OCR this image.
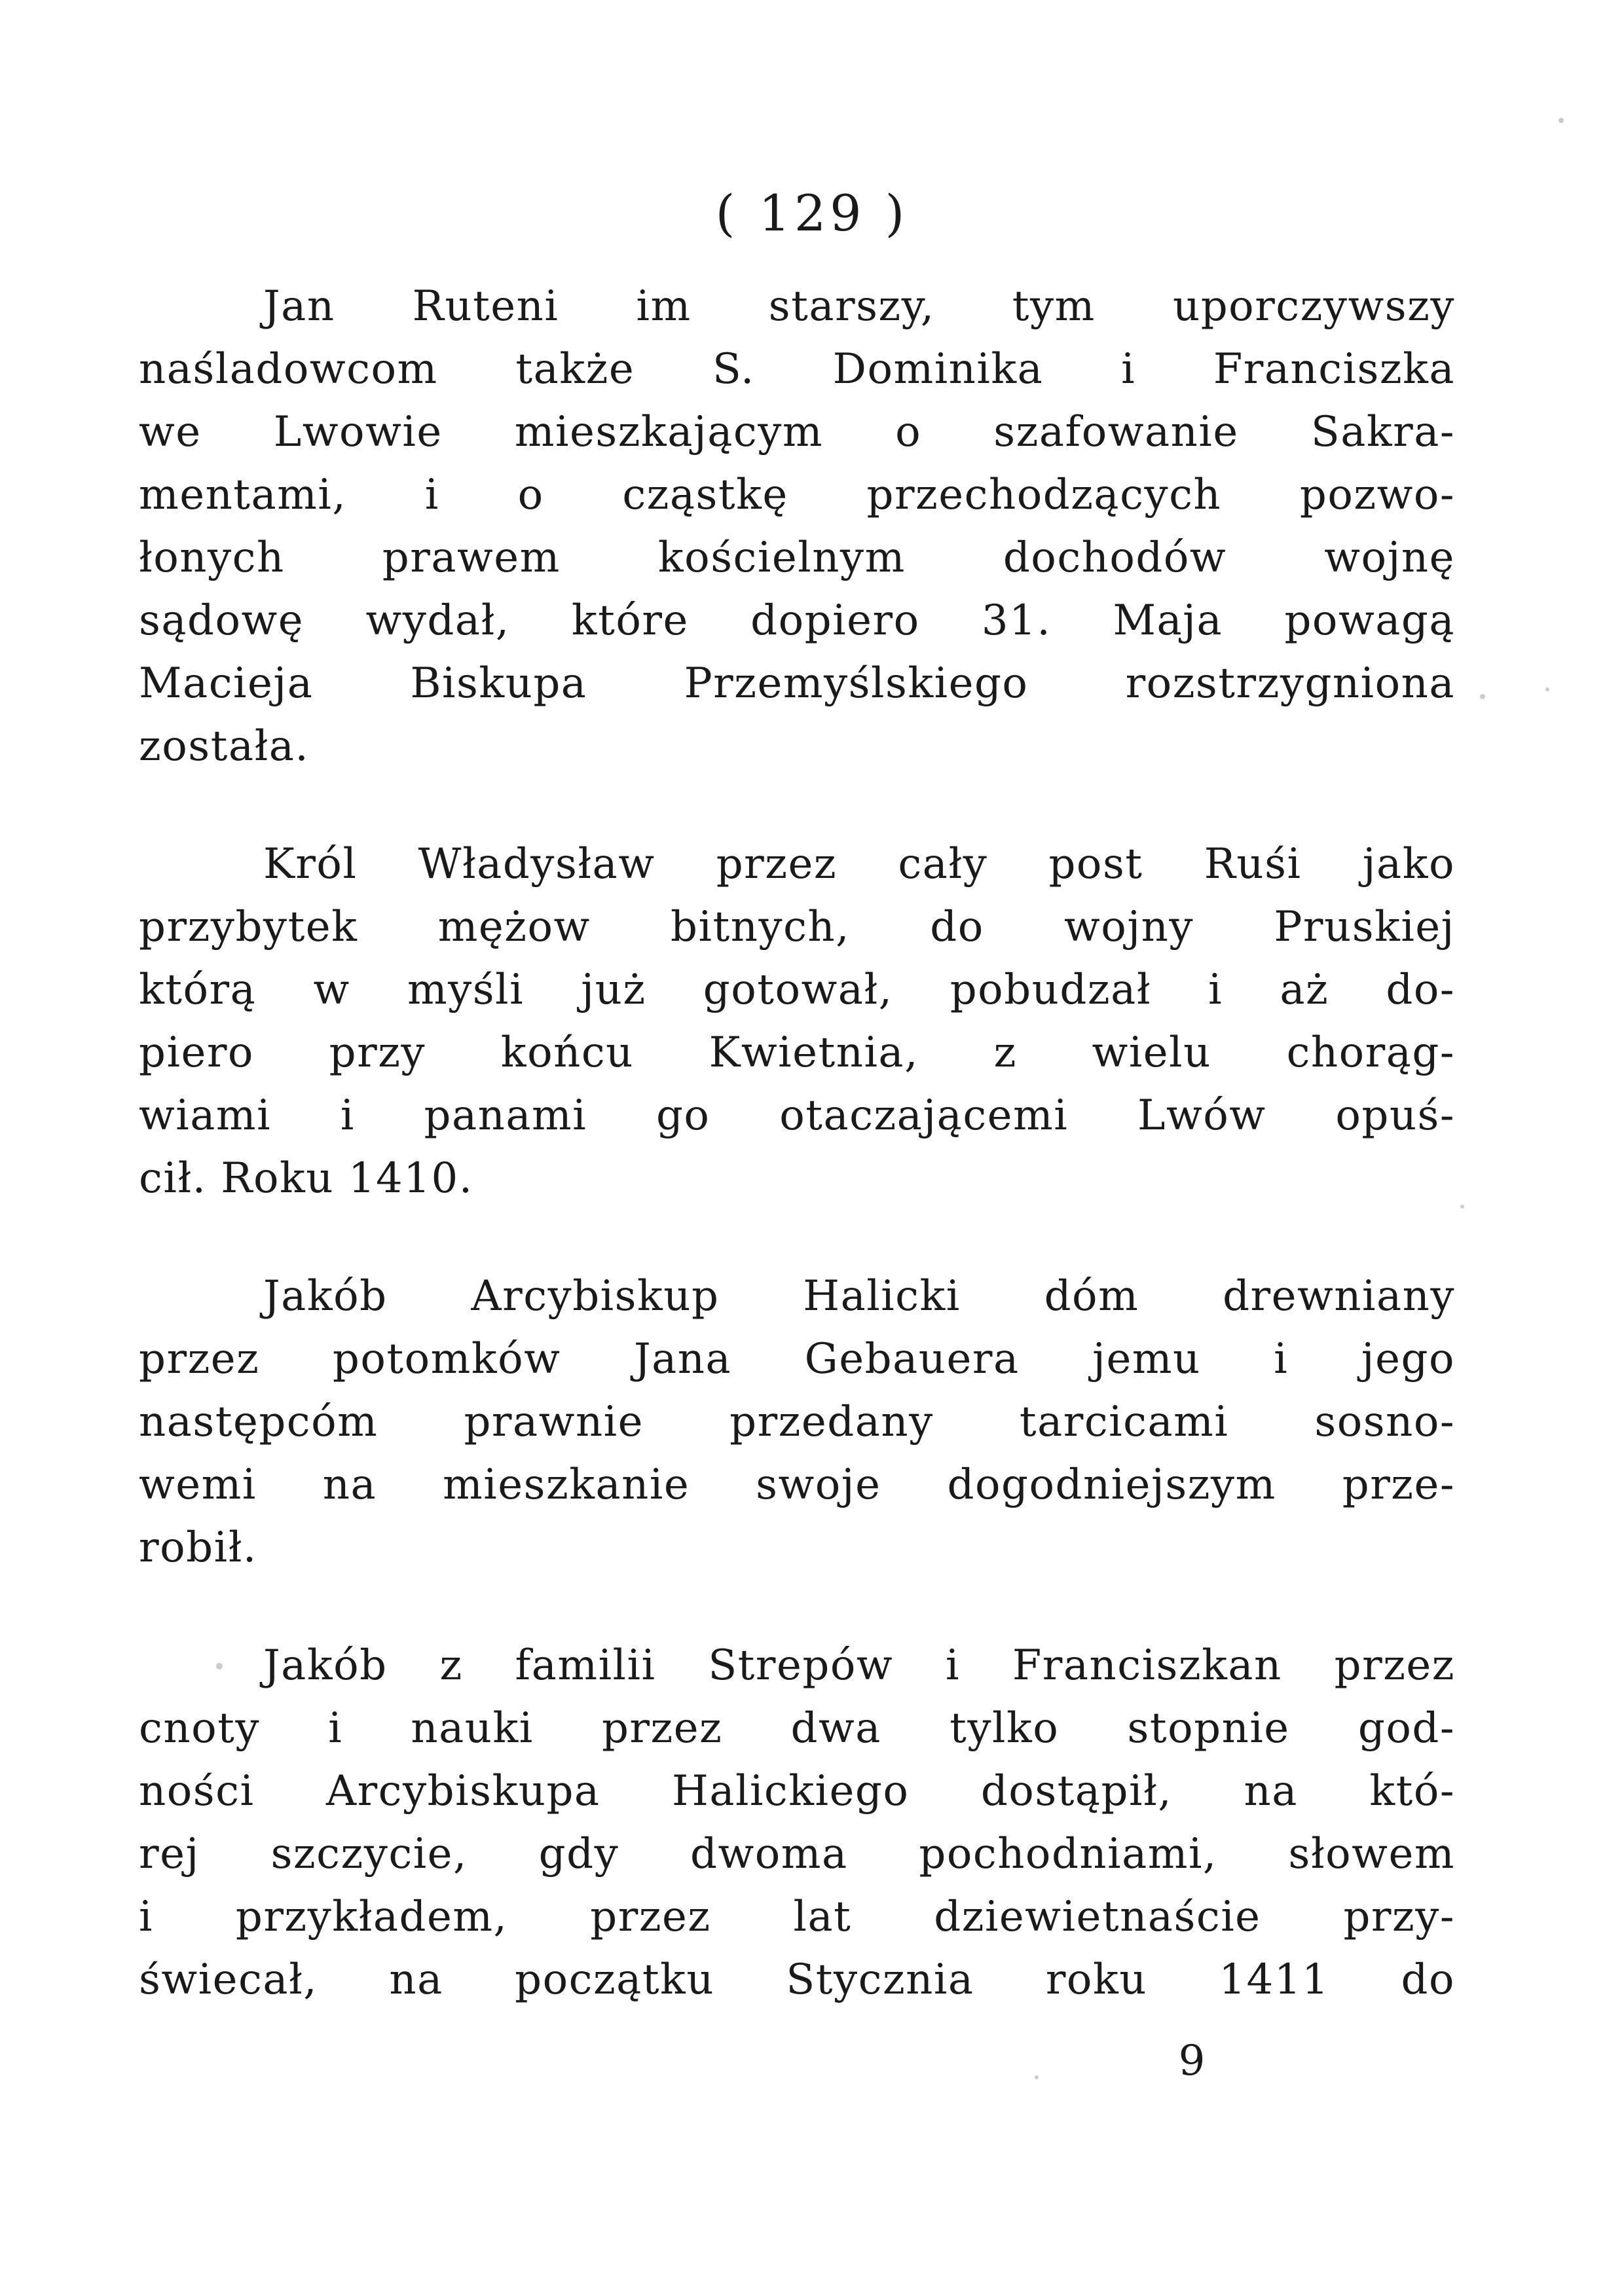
( 129 )
Jan Ruteni im starszy, tym uporczywszy
naśladowcom także S. Dominika i Franciszka
we Lwowie mieszkającym o szafowanie Sakra-
mentami, i o cząstkę przechodzących pozwo-
łonych prawem kościelnym dochodów wojnę
sądowę wydał, które dopiero 31. Maja powagą
Macieja Biskupa Przemyślskiego rozstrzygniona
została.
Król Władysław przez cały post Ruśi jako
przybytek mężow bitnych, do wojny Pruskiej
którą w myśli już gotował, pobudzał i aż do-
piero przy końcu Kwietnia, z wielu chorąg-
wiami i panami go otaczającemi Lwów opuś-
cił. Roku 1410.
Jakób Arcybiskup Halicki dóm drewniany
przez potomków Jana Gebauera jemu i jego
następcóm prawnie przedany tarcicami sosno-
wemi na mieszkanie swoje dogodniejszym prze-
robił.
Jakób z familii Strepów i Franciszkan przez
cnoty i nauki przez dwa tylko stopnie god-
ności Arcybiskupa Halickiego dostąpił, na któ-
rej szczycie, gdy dwoma pochodniami, słowem
i przykładem, przez lat dziewietnaście przy-
świecał, na początku Stycznia roku 1411 do
9
